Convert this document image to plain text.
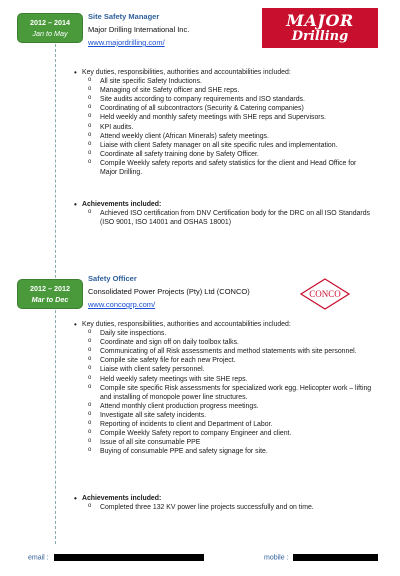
2012 – 2014
Jan to May
Site Safety Manager
Major Drilling International Inc.
www.majordrilling.com/
MAJOR
Drilling
• Key duties, responsibilities, authorities and accountabilities included:
o All site specific Safety Inductions.
o Managing of site Safety officer and SHE reps.
o Site audits according to company requirements and ISO standards.
o Coordinating of all subcontractors (Security & Catering companies)
o Held weekly and monthly safety meetings with SHE reps and Supervisors.
o KPI audits.
o Attend weekly client (African Minerals) safety meetings.
o Liaise with client Safety manager on all site specific rules and implementation.
o Coordinate all safety training done by Safety Officer.
o Compile Weekly safety reports and safety statistics for the client and Head Office for Major Drilling.
• Achievements included:
o Achieved ISO certification from DNV Certification body for the DRC on all ISO Standards
(ISO 9001, ISO 14001 and OSHAS 18001)
2012 – 2012
Mar to Dec
Safety Officer
Consolidated Power Projects (Pty) Ltd (CONCO)
www.concogrp.com/
CONCO
• Key duties, responsibilities, authorities and accountabilities included:
o Daily site inspections.
o Coordinate and sign off on daily toolbox talks.
o Communicating of all Risk assessments and method statements with site personnel.
o Compile site safety file for each new Project.
o Liaise with client safety personnel.
o Held weekly safety meetings with site SHE reps.
o Compile site specific Risk assessments for specialized work egg. Helicopter work – lifting and installing of monopole power line structures.
o Attend monthly client production progress meetings.
o Investigate all site safety incidents.
o Reporting of incidents to client and Department of Labor.
o Compile Weekly Safety report to company Engineer and client.
o Issue of all site consumable PPE
o Buying of consumable PPE and safety signage for site.
• Achievements included:
o Completed three 132 KV power line projects successfully and on time.
email :	mobile :
